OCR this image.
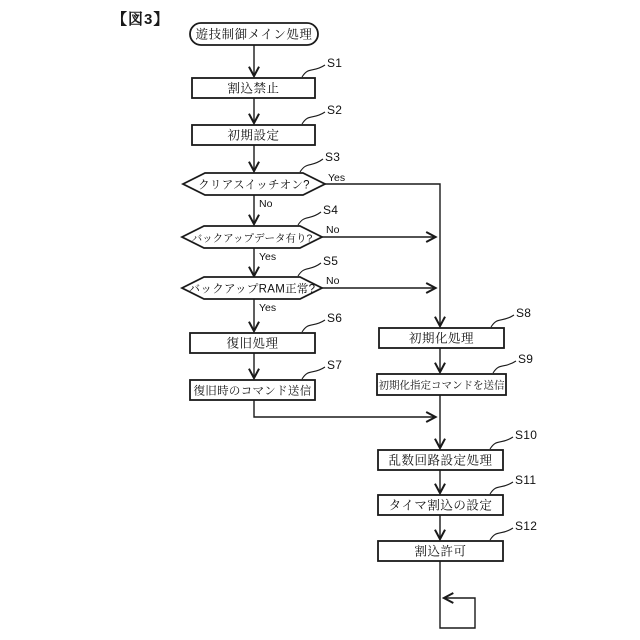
【図3】
遊技制御メイン処理
割込禁止
初期設定
クリアスイッチオン?
バックアップデータ有り?
バックアップRAM正常?
復旧処理
復旧時のコマンド送信
初期化処理
初期化指定コマンドを送信
乱数回路設定処理
タイマ割込の設定
割込許可
S1
S2
S3
S4
S5
S6
S7
S8
S9
S10
S11
S12
Yes
No
No
Yes
No
Yes
